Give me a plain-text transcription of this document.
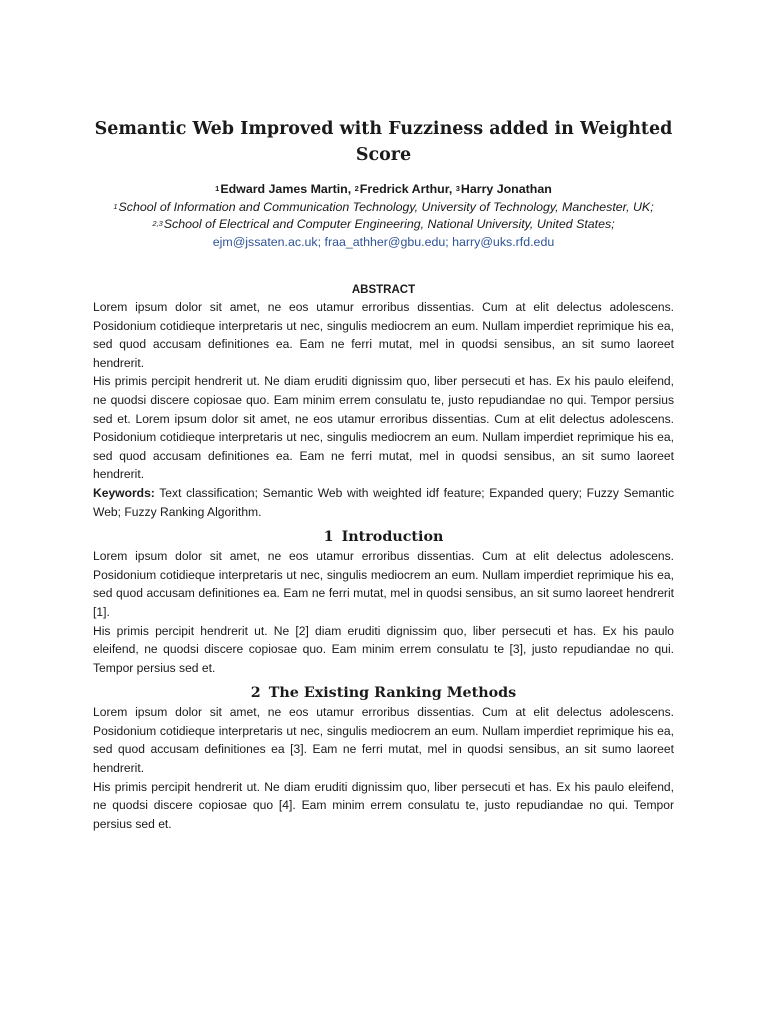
Semantic Web Improved with Fuzziness added in Weighted Score
$^1$Edward James Martin, $^2$Fredrick Arthur, $^3$Harry Jonathan
$^1$School of Information and Communication Technology, University of Technology, Manchester, UK;
$^{2,3}$School of Electrical and Computer Engineering, National University, United States;
ejm@jssaten.ac.uk; fraa_athher@gbu.edu; harry@uks.rfd.edu
ABSTRACT

Lorem ipsum dolor sit amet, ne eos utamur erroribus dissentias. Cum at elit delectus adolescens. Posidonium cotidieque interpretaris ut nec, singulis mediocrem an eum. Nullam imperdiet reprimique his ea, sed quod accusam definitiones ea. Eam ne ferri mutat, mel in quodsi sensibus, an sit sumo laoreet hendrerit.

His primis percipit hendrerit ut. Ne diam eruditi dignissim quo, liber persecuti et has. Ex his paulo eleifend, ne quodsi discere copiosae quo. Eam minim errem consulatu te, justo repudiandae no qui. Tempor persius sed et. Lorem ipsum dolor sit amet, ne eos utamur erroribus dissentias. Cum at elit delectus adolescens. Posidonium cotidieque interpretaris ut nec, singulis mediocrem an eum. Nullam imperdiet reprimique his ea, sed quod accusam definitiones ea. Eam ne ferri mutat, mel in quodsi sensibus, an sit sumo laoreet hendrerit.

Keywords: Text classification; Semantic Web with weighted idf feature; Expanded query; Fuzzy Semantic Web; Fuzzy Ranking Algorithm.

1 Introduction

Lorem ipsum dolor sit amet, ne eos utamur erroribus dissentias. Cum at elit delectus adolescens. Posidonium cotidieque interpretaris ut nec, singulis mediocrem an eum. Nullam imperdiet reprimique his ea, sed quod accusam definitiones ea. Eam ne ferri mutat, mel in quodsi sensibus, an sit sumo laoreet hendrerit [1].

His primis percipit hendrerit ut. Ne [2] diam eruditi dignissim quo, liber persecuti et has. Ex his paulo eleifend, ne quodsi discere copiosae quo. Eam minim errem consulatu te [3], justo repudiandae no qui. Tempor persius sed et.

2 The Existing Ranking Methods

Lorem ipsum dolor sit amet, ne eos utamur erroribus dissentias. Cum at elit delectus adolescens. Posidonium cotidieque interpretaris ut nec, singulis mediocrem an eum. Nullam imperdiet reprimique his ea, sed quod accusam definitiones ea [3]. Eam ne ferri mutat, mel in quodsi sensibus, an sit sumo laoreet hendrerit.

His primis percipit hendrerit ut. Ne diam eruditi dignissim quo, liber persecuti et has. Ex his paulo eleifend, ne quodsi discere copiosae quo [4]. Eam minim errem consulatu te, justo repudiandae no qui. Tempor persius sed et.
